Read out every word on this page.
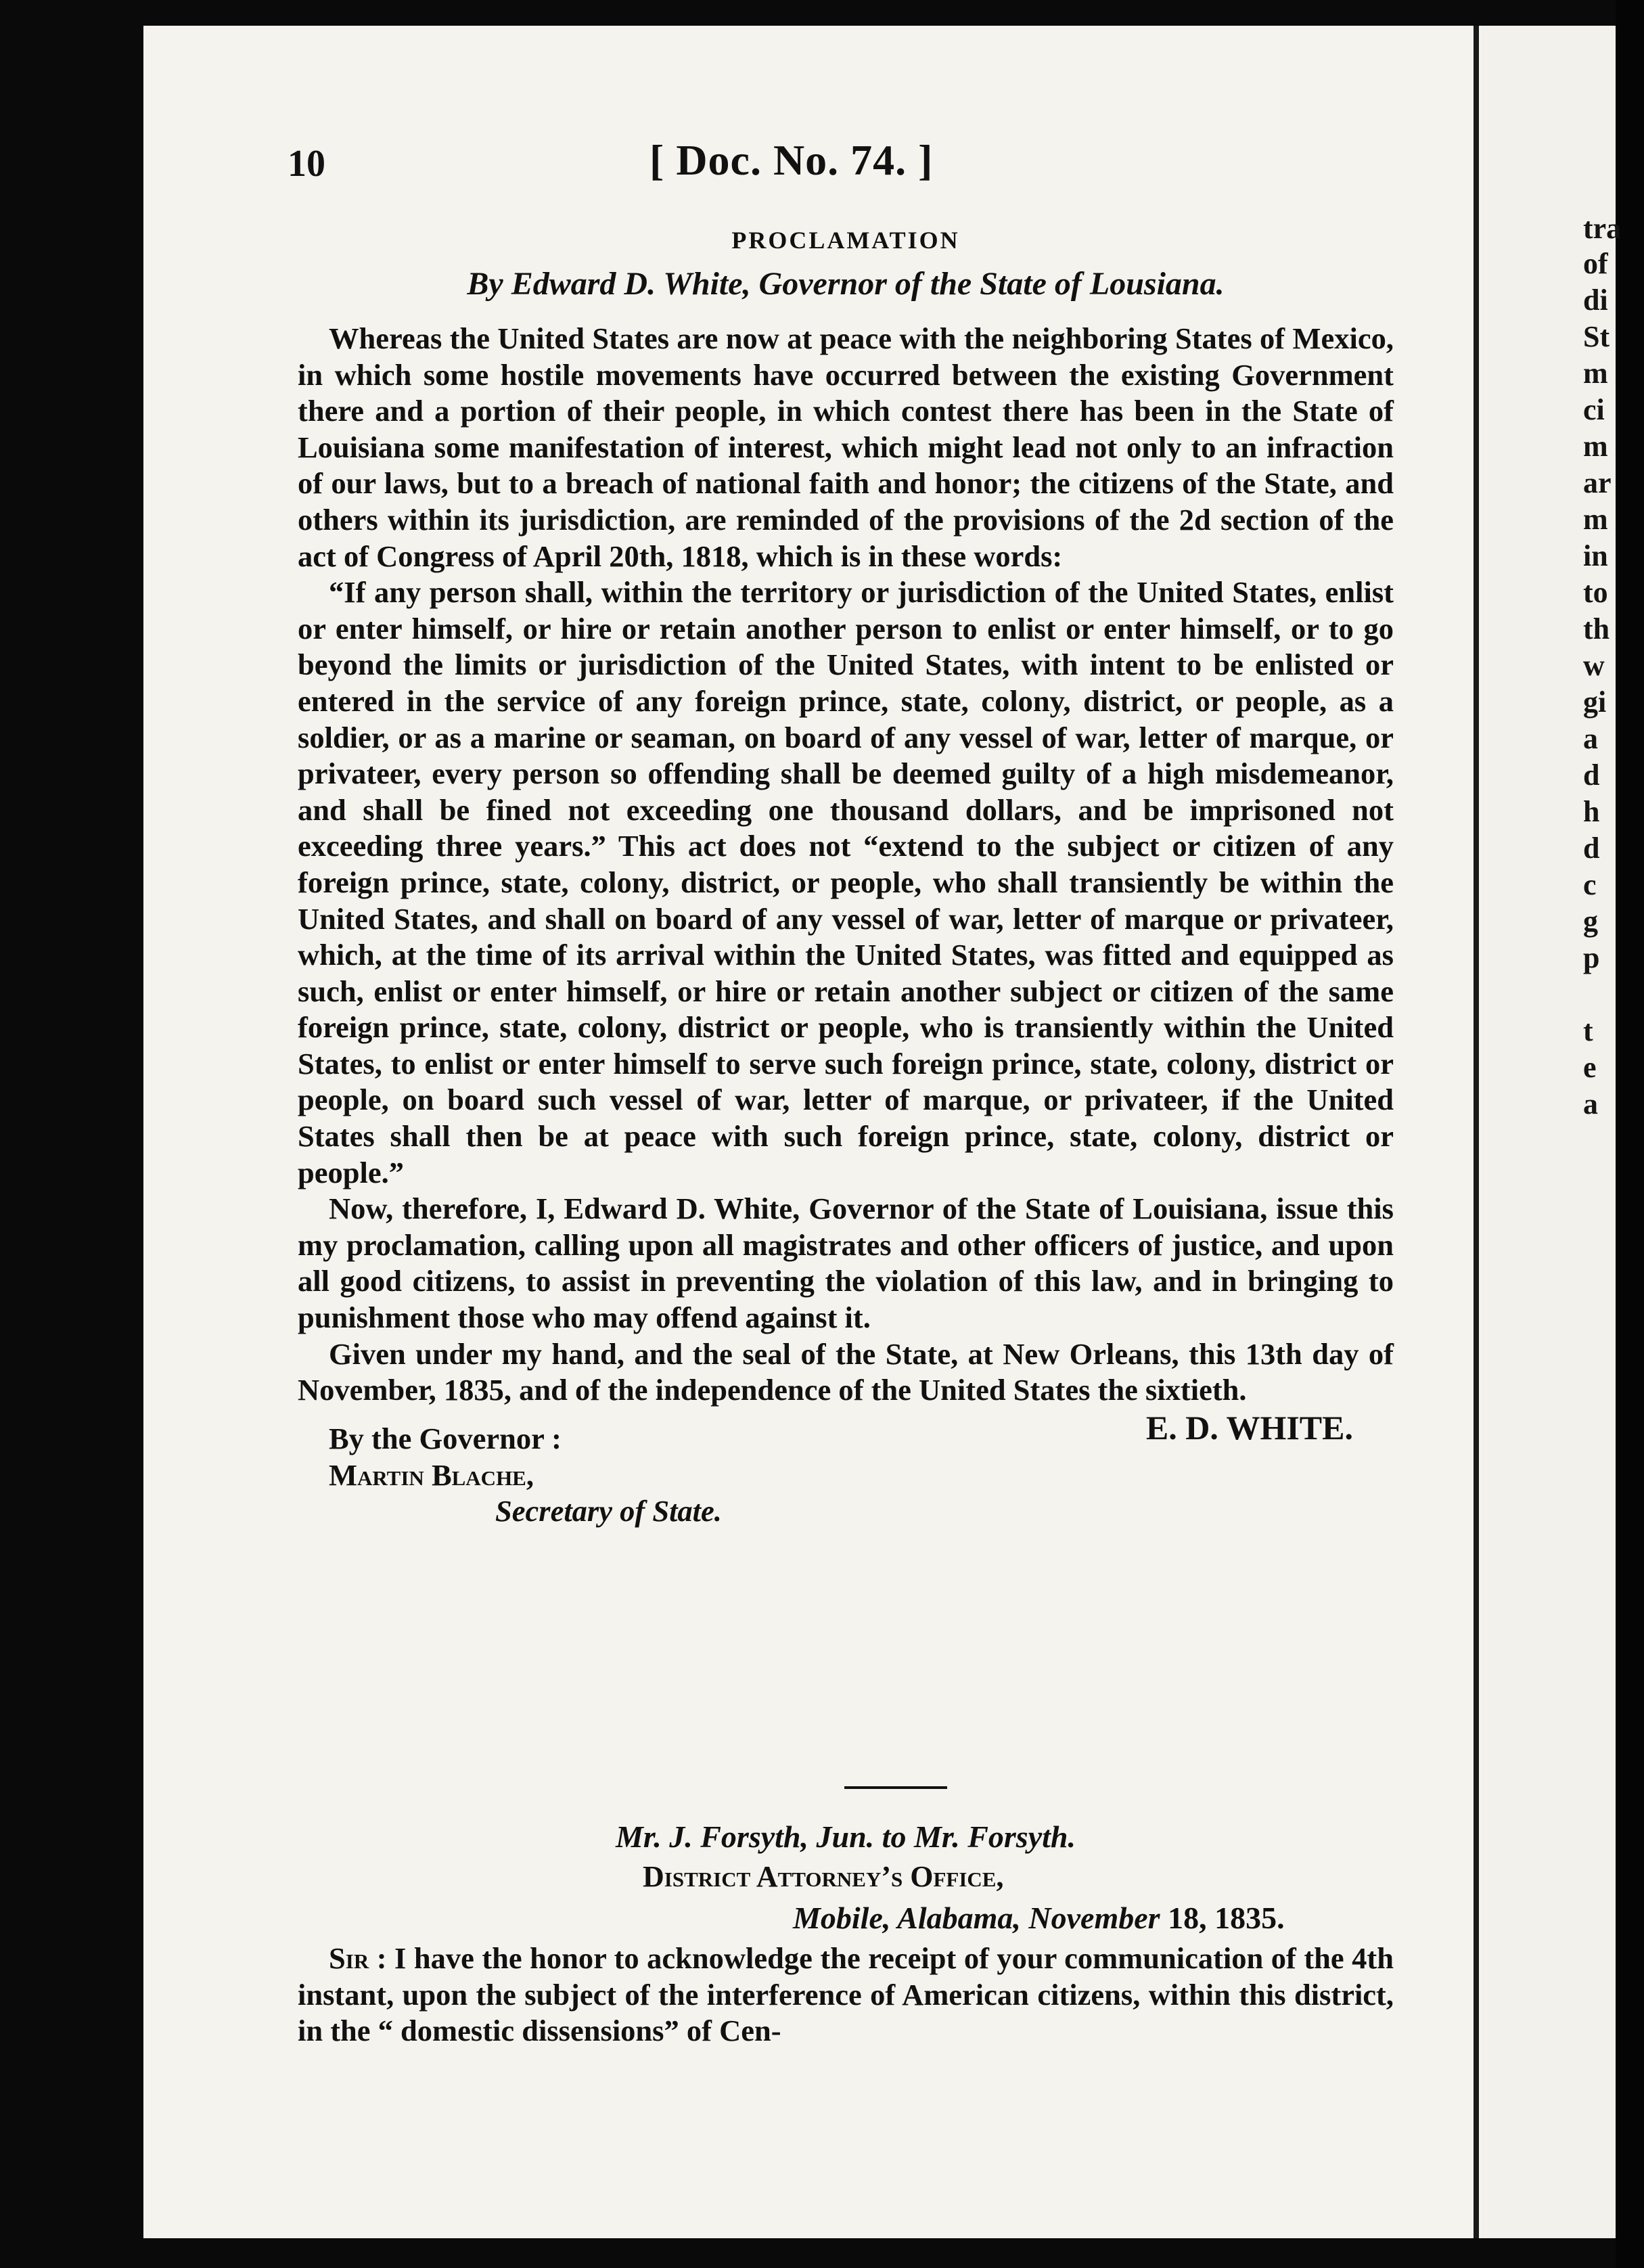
tra

of

di

St

m

ci

m

ar

m

in

to

th

w

gi

a

d

h

d

c

g

p

t

e

a

10	[ Doc. No. 74. ]

PROCLAMATION

By Edward D. White, Governor of the State of Lousiana.

Whereas the United States are now at peace with the neighboring States of Mexico, in which some hostile movements have occurred between the existing Government there and a portion of their people, in which contest there has been in the State of Louisiana some manifestation of interest, which might lead not only to an infraction of our laws, but to a breach of national faith and honor; the citizens of the State, and others within its jurisdiction, are reminded of the provisions of the 2d section of the act of Congress of April 20th, 1818, which is in these words:

“If any person shall, within the territory or jurisdiction of the United States, enlist or enter himself, or hire or retain another person to enlist or enter himself, or to go beyond the limits or jurisdiction of the United States, with intent to be enlisted or entered in the service of any foreign prince, state, colony, district, or people, as a soldier, or as a marine or seaman, on board of any vessel of war, letter of marque, or privateer, every person so offending shall be deemed guilty of a high misdemeanor, and shall be fined not exceeding one thousand dollars, and be imprisoned not exceeding three years.” This act does not “extend to the subject or citizen of any foreign prince, state, colony, district, or people, who shall transiently be within the United States, and shall on board of any vessel of war, letter of marque or privateer, which, at the time of its arrival within the United States, was fitted and equipped as such, enlist or enter himself, or hire or retain another subject or citizen of the same foreign prince, state, colony, district or people, who is transiently within the United States, to enlist or enter himself to serve such foreign prince, state, colony, district or people, on board such vessel of war, letter of marque, or privateer, if the United States shall then be at peace with such foreign prince, state, colony, district or people.”

Now, therefore, I, Edward D. White, Governor of the State of Louisiana, issue this my proclamation, calling upon all magistrates and other officers of justice, and upon all good citizens, to assist in preventing the violation of this law, and in bringing to punishment those who may offend against it.

Given under my hand, and the seal of the State, at New Orleans, this 13th day of November, 1835, and of the independence of the United States the sixtieth.

By the Governor :	E. D. WHITE.

Martin Blache,

Secretary of State.

Mr. J. Forsyth, Jun. to Mr. Forsyth.

District Attorney’s Office,

Mobile, Alabama, November 18, 1835.

Sir : I have the honor to acknowledge the receipt of your communication of the 4th instant, upon the subject of the interference of American citizens, within this district, in the “ domestic dissensions” of Cen-
